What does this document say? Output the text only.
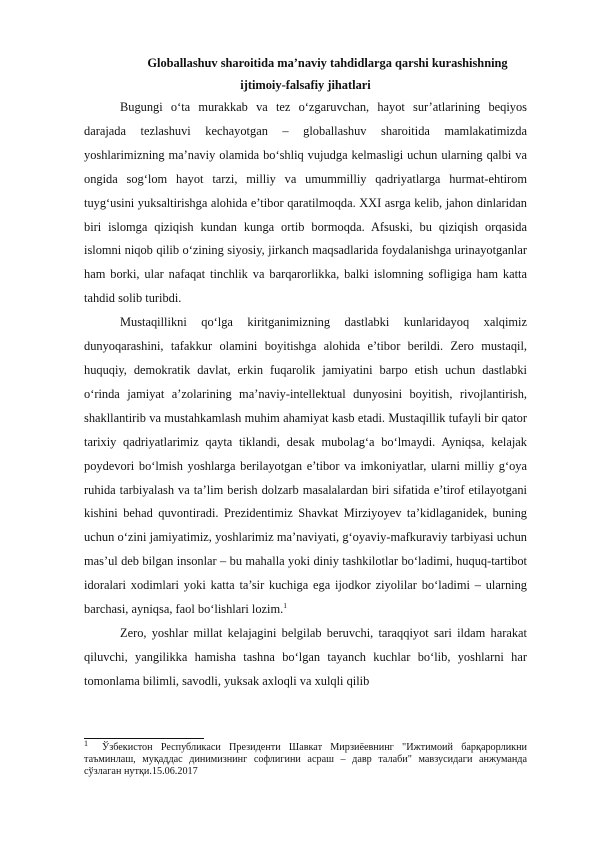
Globallashuv sharoitida ma’naviy tahdidlarga qarshi kurashishning
ijtimoiy-falsafiy jihatlari

Bugungi o‘ta murakkab va tez o‘zgaruvchan, hayot sur’atlarining beqiyos darajada tezlashuvi kechayotgan – globallashuv sharoitida mamlakatimizda yoshlarimizning ma’naviy olamida bo‘shliq vujudga kelmasligi uchun ularning qalbi va ongida sog‘lom hayot tarzi, milliy va umummilliy qadriyatlarga hurmat-ehtirom tuyg‘usini yuksaltirishga alohida e’tibor qaratilmoqda. XXI asrga kelib, jahon dinlaridan biri islomga qiziqish kundan kunga ortib bormoqda. Afsuski, bu qiziqish orqasida islomni niqob qilib o‘zining siyosiy, jirkanch maqsadlarida foydalanishga urinayotganlar ham borki, ular nafaqat tinchlik va barqarorlikka, balki islomning sofligiga ham katta tahdid solib turibdi.

Mustaqillikni qo‘lga kiritganimizning dastlabki kunlaridayoq xalqimiz dunyoqarashini, tafakkur olamini boyitishga alohida e’tibor berildi. Zero mustaqil, huquqiy, demokratik davlat, erkin fuqarolik jamiyatini barpo etish uchun dastlabki o‘rinda jamiyat a’zolarining ma’naviy-intellektual dunyosini boyitish, rivojlantirish, shakllantirib va mustahkamlash muhim ahamiyat kasb etadi. Mustaqillik tufayli bir qator tarixiy qadriyatlarimiz qayta tiklandi, desak mubolag‘a bo‘lmaydi. Ayniqsa, kelajak poydevori bo‘lmish yoshlarga berilayotgan e’tibor va imkoniyatlar, ularni milliy g‘oya ruhida tarbiyalash va ta’lim berish dolzarb masalalardan biri sifatida e’tirof etilayotgani kishini behad quvontiradi. Prezidentimiz Shavkat Mirziyoyev ta’kidlaganidek, buning uchun o‘zini jamiyatimiz, yoshlarimiz ma’naviyati, g‘oyaviy-mafkuraviy tarbiyasi uchun mas’ul deb bilgan insonlar – bu mahalla yoki diniy tashkilotlar bo‘ladimi, huquq-tartibot idoralari xodimlari yoki katta ta’sir kuchiga ega ijodkor ziyolilar bo‘ladimi – ularning barchasi, ayniqsa, faol bo‘lishlari lozim.$^1$

Zero, yoshlar millat kelajagini belgilab beruvchi, taraqqiyot sari ildam harakat qiluvchi, yangilikka hamisha tashna bo‘lgan tayanch kuchlar bo‘lib, yoshlarni har tomonlama bilimli, savodli, yuksak axloqli va xulqli qilib

1 Ўзбекистон Республикаси Президенти Шавкат Мирзиёевнинг "Ижтимоий барқарорликни таъминлаш, муқаддас динимизнинг софлигини асраш – давр талаби" мавзусидаги анжуманда сўзлаган нутқи.15.06.2017
